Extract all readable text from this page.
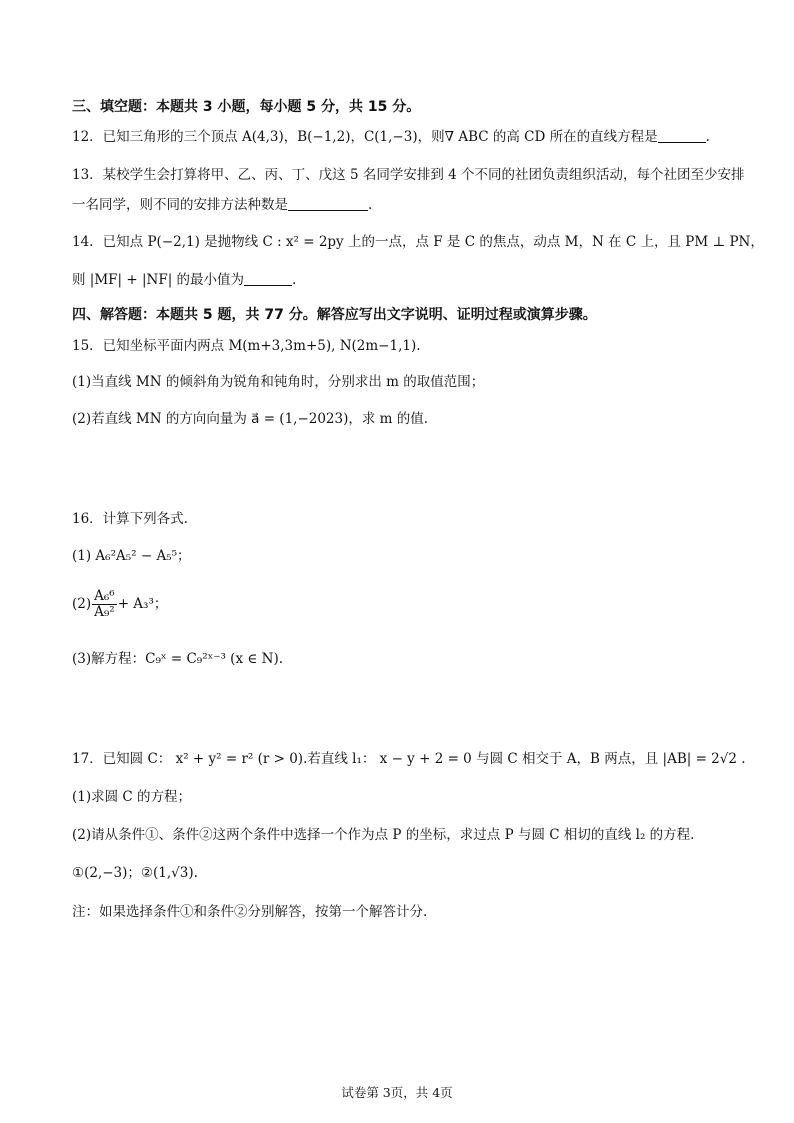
三、填空题：本题共 3 小题，每小题 5 分，共 15 分。
12．已知三角形的三个顶点 A(4,3)，B(−1,2)，C(1,−3)，则∇ ABC 的高 CD 所在的直线方程是	.
13．某校学生会打算将甲、乙、丙、丁、戊这 5 名同学安排到 4 个不同的社团负责组织活动，每个社团至少安排
一名同学，则不同的安排方法种数是	.
14．已知点 P(−2,1) 是抛物线 C : x² = 2py 上的一点，点 F 是 C 的焦点，动点 M，N 在 C 上，且 PM ⊥ PN，
则 |MF| + |NF| 的最小值为	.
四、解答题：本题共 5 题，共 77 分。解答应写出文字说明、证明过程或演算步骤。
15．已知坐标平面内两点 M(m+3,3m+5), N(2m−1,1).
(1)当直线 MN 的倾斜角为锐角和钝角时，分别求出 m 的取值范围；
(2)若直线 MN 的方向向量为 a⃗ = (1,−2023)，求 m 的值.
16．计算下列各式.
(1) A₆²A₅² − A₅⁵；
$(2) \frac{\text{A₆⁶}}{\text{A₉²}} + A_3^3$；
(3)解方程：C₉ˣ = C₉²ˣ⁻³ (x ∈ N).
17．已知圆 C： x² + y² = r² (r > 0).若直线 l₁： x − y + 2 = 0 与圆 C 相交于 A，B 两点，且 |AB| = 2√2 .
(1)求圆 C 的方程；
(2)请从条件①、条件②这两个条件中选择一个作为点 P 的坐标，求过点 P 与圆 C 相切的直线 l₂ 的方程.
①(2,−3)；②(1,√3).
注：如果选择条件①和条件②分别解答，按第一个解答计分.
试卷第 3页，共 4页
